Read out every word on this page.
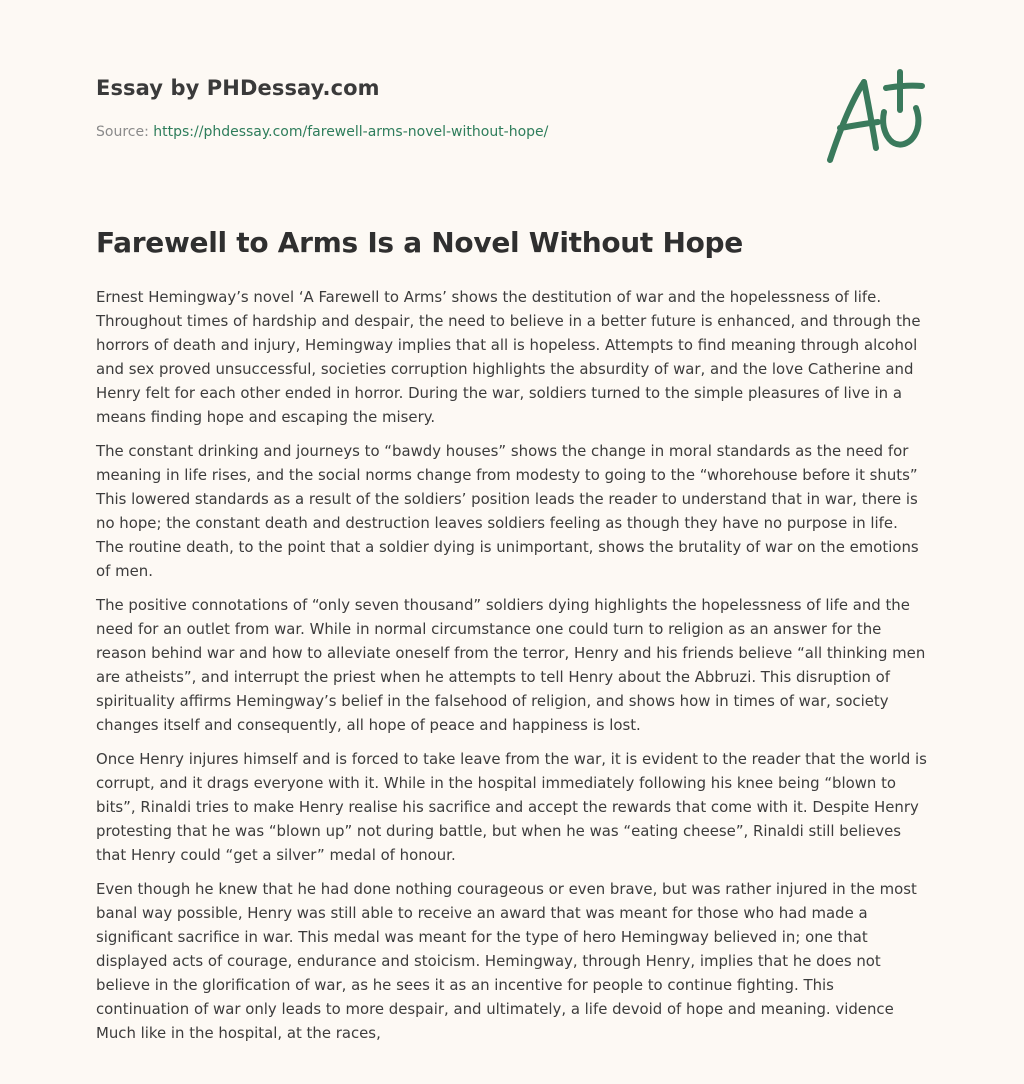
Essay by PHDessay.com
Source: https://phdessay.com/farewell-arms-novel-without-hope/
Farewell to Arms Is a Novel Without Hope

Ernest Hemingway’s novel ‘A Farewell to Arms’ shows the destitution of war and the hopelessness of life. Throughout times of hardship and despair, the need to believe in a better future is enhanced, and through the horrors of death and injury, Hemingway implies that all is hopeless. Attempts to find meaning through alcohol and sex proved unsuccessful, societies corruption highlights the absurdity of war, and the love Catherine and Henry felt for each other ended in horror. During the war, soldiers turned to the simple pleasures of live in a means finding hope and escaping the misery.

The constant drinking and journeys to “bawdy houses” shows the change in moral standards as the need for meaning in life rises, and the social norms change from modesty to going to the “whorehouse before it shuts” This lowered standards as a result of the soldiers’ position leads the reader to understand that in war, there is no hope; the constant death and destruction leaves soldiers feeling as though they have no purpose in life. The routine death, to the point that a soldier dying is unimportant, shows the brutality of war on the emotions of men.

The positive connotations of “only seven thousand” soldiers dying highlights the hopelessness of life and the need for an outlet from war. While in normal circumstance one could turn to religion as an answer for the reason behind war and how to alleviate oneself from the terror, Henry and his friends believe “all thinking men are atheists”, and interrupt the priest when he attempts to tell Henry about the Abbruzi. This disruption of spirituality affirms Hemingway’s belief in the falsehood of religion, and shows how in times of war, society changes itself and consequently, all hope of peace and happiness is lost.

Once Henry injures himself and is forced to take leave from the war, it is evident to the reader that the world is corrupt, and it drags everyone with it. While in the hospital immediately following his knee being “blown to bits”, Rinaldi tries to make Henry realise his sacrifice and accept the rewards that come with it. Despite Henry protesting that he was “blown up” not during battle, but when he was “eating cheese”, Rinaldi still believes that Henry could “get a silver” medal of honour.

Even though he knew that he had done nothing courageous or even brave, but was rather injured in the most banal way possible, Henry was still able to receive an award that was meant for those who had made a significant sacrifice in war. This medal was meant for the type of hero Hemingway believed in; one that displayed acts of courage, endurance and stoicism. Hemingway, through Henry, implies that he does not believe in the glorification of war, as he sees it as an incentive for people to continue fighting. This continuation of war only leads to more despair, and ultimately, a life devoid of hope and meaning. vidence Much like in the hospital, at the races,
